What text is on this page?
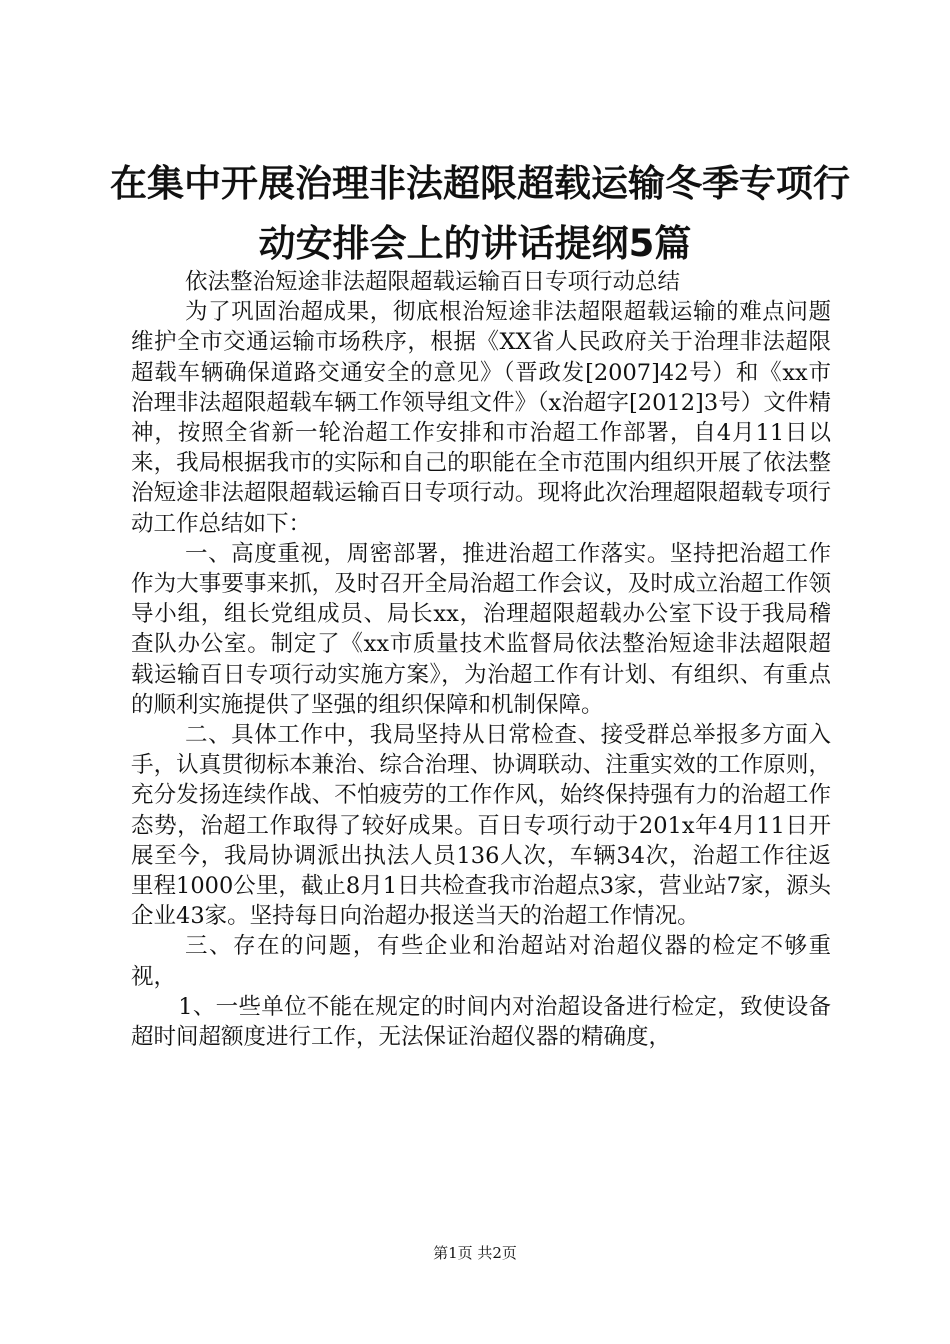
在集中开展治理非法超限超载运输冬季专项行
动安排会上的讲话提纲5篇

依法整治短途非法超限超载运输百日专项行动总结

为了巩固治超成果，彻底根治短途非法超限超载运输的难点问题维护全市交通运输市场秩序，根据《XX省人民政府关于治理非法超限超载车辆确保道路交通安全的意见》（晋政发[2007]42号）和《xx市治理非法超限超载车辆工作领导组文件》（x治超字[2012]3号）文件精神，按照全省新一轮治超工作安排和市治超工作部署，自4月11日以来，我局根据我市的实际和自己的职能在全市范围内组织开展了依法整治短途非法超限超载运输百日专项行动。现将此次治理超限超载专项行动工作总结如下：

一、高度重视，周密部署，推进治超工作落实。坚持把治超工作作为大事要事来抓，及时召开全局治超工作会议，及时成立治超工作领导小组，组长党组成员、局长xx，治理超限超载办公室下设于我局稽查队办公室。制定了《xx市质量技术监督局依法整治短途非法超限超载运输百日专项行动实施方案》，为治超工作有计划、有组织、有重点的顺利实施提供了坚强的组织保障和机制保障。

二、具体工作中，我局坚持从日常检查、接受群总举报多方面入手，认真贯彻标本兼治、综合治理、协调联动、注重实效的工作原则，充分发扬连续作战、不怕疲劳的工作作风，始终保持强有力的治超工作态势，治超工作取得了较好成果。百日专项行动于201x年4月11日开展至今，我局协调派出执法人员136人次，车辆34次，治超工作往返里程1000公里，截止8月1日共检查我市治超点3家，营业站7家，源头企业43家。坚持每日向治超办报送当天的治超工作情况。

三、存在的问题，有些企业和治超站对治超仪器的检定不够重视，

1、一些单位不能在规定的时间内对治超设备进行检定，致使设备超时间超额度进行工作，无法保证治超仪器的精确度，

第1页 共2页
